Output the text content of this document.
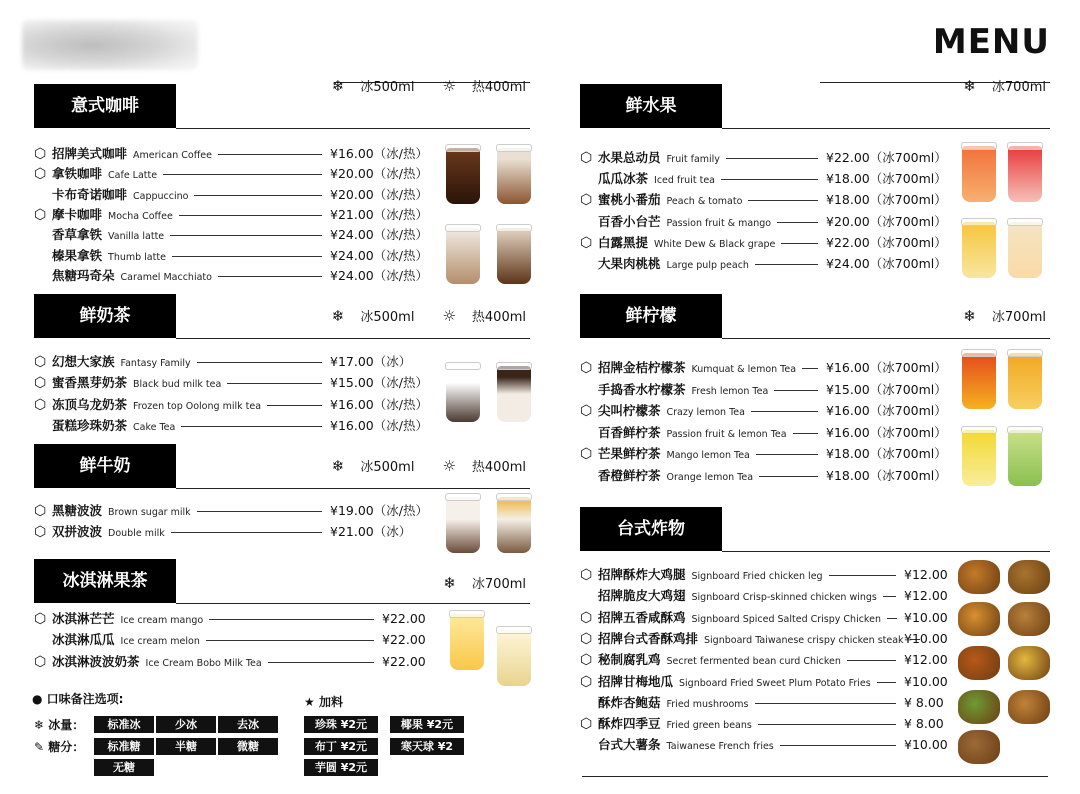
MENU
意式咖啡
❄ 冰500ml ☼ 热400ml
⬡ 招牌美式咖啡 American Coffee	¥16.00（冰/热）
⬡ 拿铁咖啡 Cafe Latte	¥20.00（冰/热）
卡布奇诺咖啡 Cappuccino	¥20.00（冰/热）
⬡ 摩卡咖啡 Mocha Coffee	¥21.00（冰/热）
香草拿铁 Vanilla latte	¥24.00（冰/热）
榛果拿铁 Thumb latte	¥24.00（冰/热）
焦糖玛奇朵 Caramel Macchiato	¥24.00（冰/热）
鲜奶茶	❄ 冰500ml ☼ 热400ml
⬡ 幻想大家族 Fantasy Family	¥17.00（冰）
⬡ 蜜香黑芽奶茶 Black bud milk tea	¥15.00（冰/热）
⬡ 冻顶乌龙奶茶 Frozen top Oolong milk tea	¥16.00（冰/热）
蛋糕珍珠奶茶 Cake Tea	¥16.00（冰/热）
鲜牛奶	❄ 冰500ml ☼ 热400ml
⬡ 黑糖波波 Brown sugar milk	¥19.00（冰/热）
⬡ 双拼波波 Double milk	¥21.00（冰）
冰淇淋果茶	❄ 冰700ml
⬡ 冰淇淋芒芒 Ice cream mango	¥22.00
冰淇淋瓜瓜 Ice cream melon	¥22.00
⬡ 冰淇淋波波奶茶 Ice Cream Bobo Milk Tea	¥22.00
鲜水果
❄ 冰700ml
⬡ 水果总动员 Fruit family	¥22.00（冰700ml）
瓜瓜冰茶 Iced fruit tea	¥18.00（冰700ml）
⬡ 蜜桃小番茄 Peach & tomato	¥18.00（冰700ml）
百香小台芒 Passion fruit & mango	¥20.00（冰700ml）
⬡ 白露黑提 White Dew & Black grape	¥22.00（冰700ml）
大果肉桃桃 Large pulp peach	¥24.00（冰700ml）
鲜柠檬	❄ 冰700ml
⬡ 招牌金桔柠檬茶 Kumquat & lemon Tea ¥16.00（冰700ml）
手捣香水柠檬茶 Fresh lemon Tea	¥15.00（冰700ml）
⬡ 尖叫柠檬茶 Crazy lemon Tea	¥16.00（冰700ml）
百香鲜柠茶 Passion fruit & lemon Tea	¥16.00（冰700ml）
⬡ 芒果鲜柠茶 Mango lemon Tea	¥18.00（冰700ml）
香橙鲜柠茶 Orange lemon Tea	¥18.00（冰700ml）
台式炸物
⬡ 招牌酥炸大鸡腿 Signboard Fried chicken leg	¥12.00
招牌脆皮大鸡翅 Signboard Crisp-skinned chicken wings ¥12.00
⬡ 招牌五香咸酥鸡 Signboard Spiced Salted Crispy Chicken ¥10.00
⬡ 招牌台式香酥鸡排 Signboard Taiwanese crispy chicken steak ¥10.00
⬡ 秘制腐乳鸡 Secret fermented bean curd Chicken	¥12.00
⬡ 招牌甘梅地瓜 Signboard Fried Sweet Plum Potato Fries	¥10.00
酥炸杏鲍菇 Fried mushrooms	¥ 8.00
⬡ 酥炸四季豆 Fried green beans	¥ 8.00
台式大薯条 Taiwanese French fries	¥10.00
● 口味备注选项:
❄ 冰量：
✎ 糖分：
标准冰	少冰	去冰
标准糖	半糖	微糖
无糖
★ 加料
珍珠 ¥2元	椰果 ¥2元
布丁 ¥2元	寒天球 ¥2元
芋圆 ¥2元
